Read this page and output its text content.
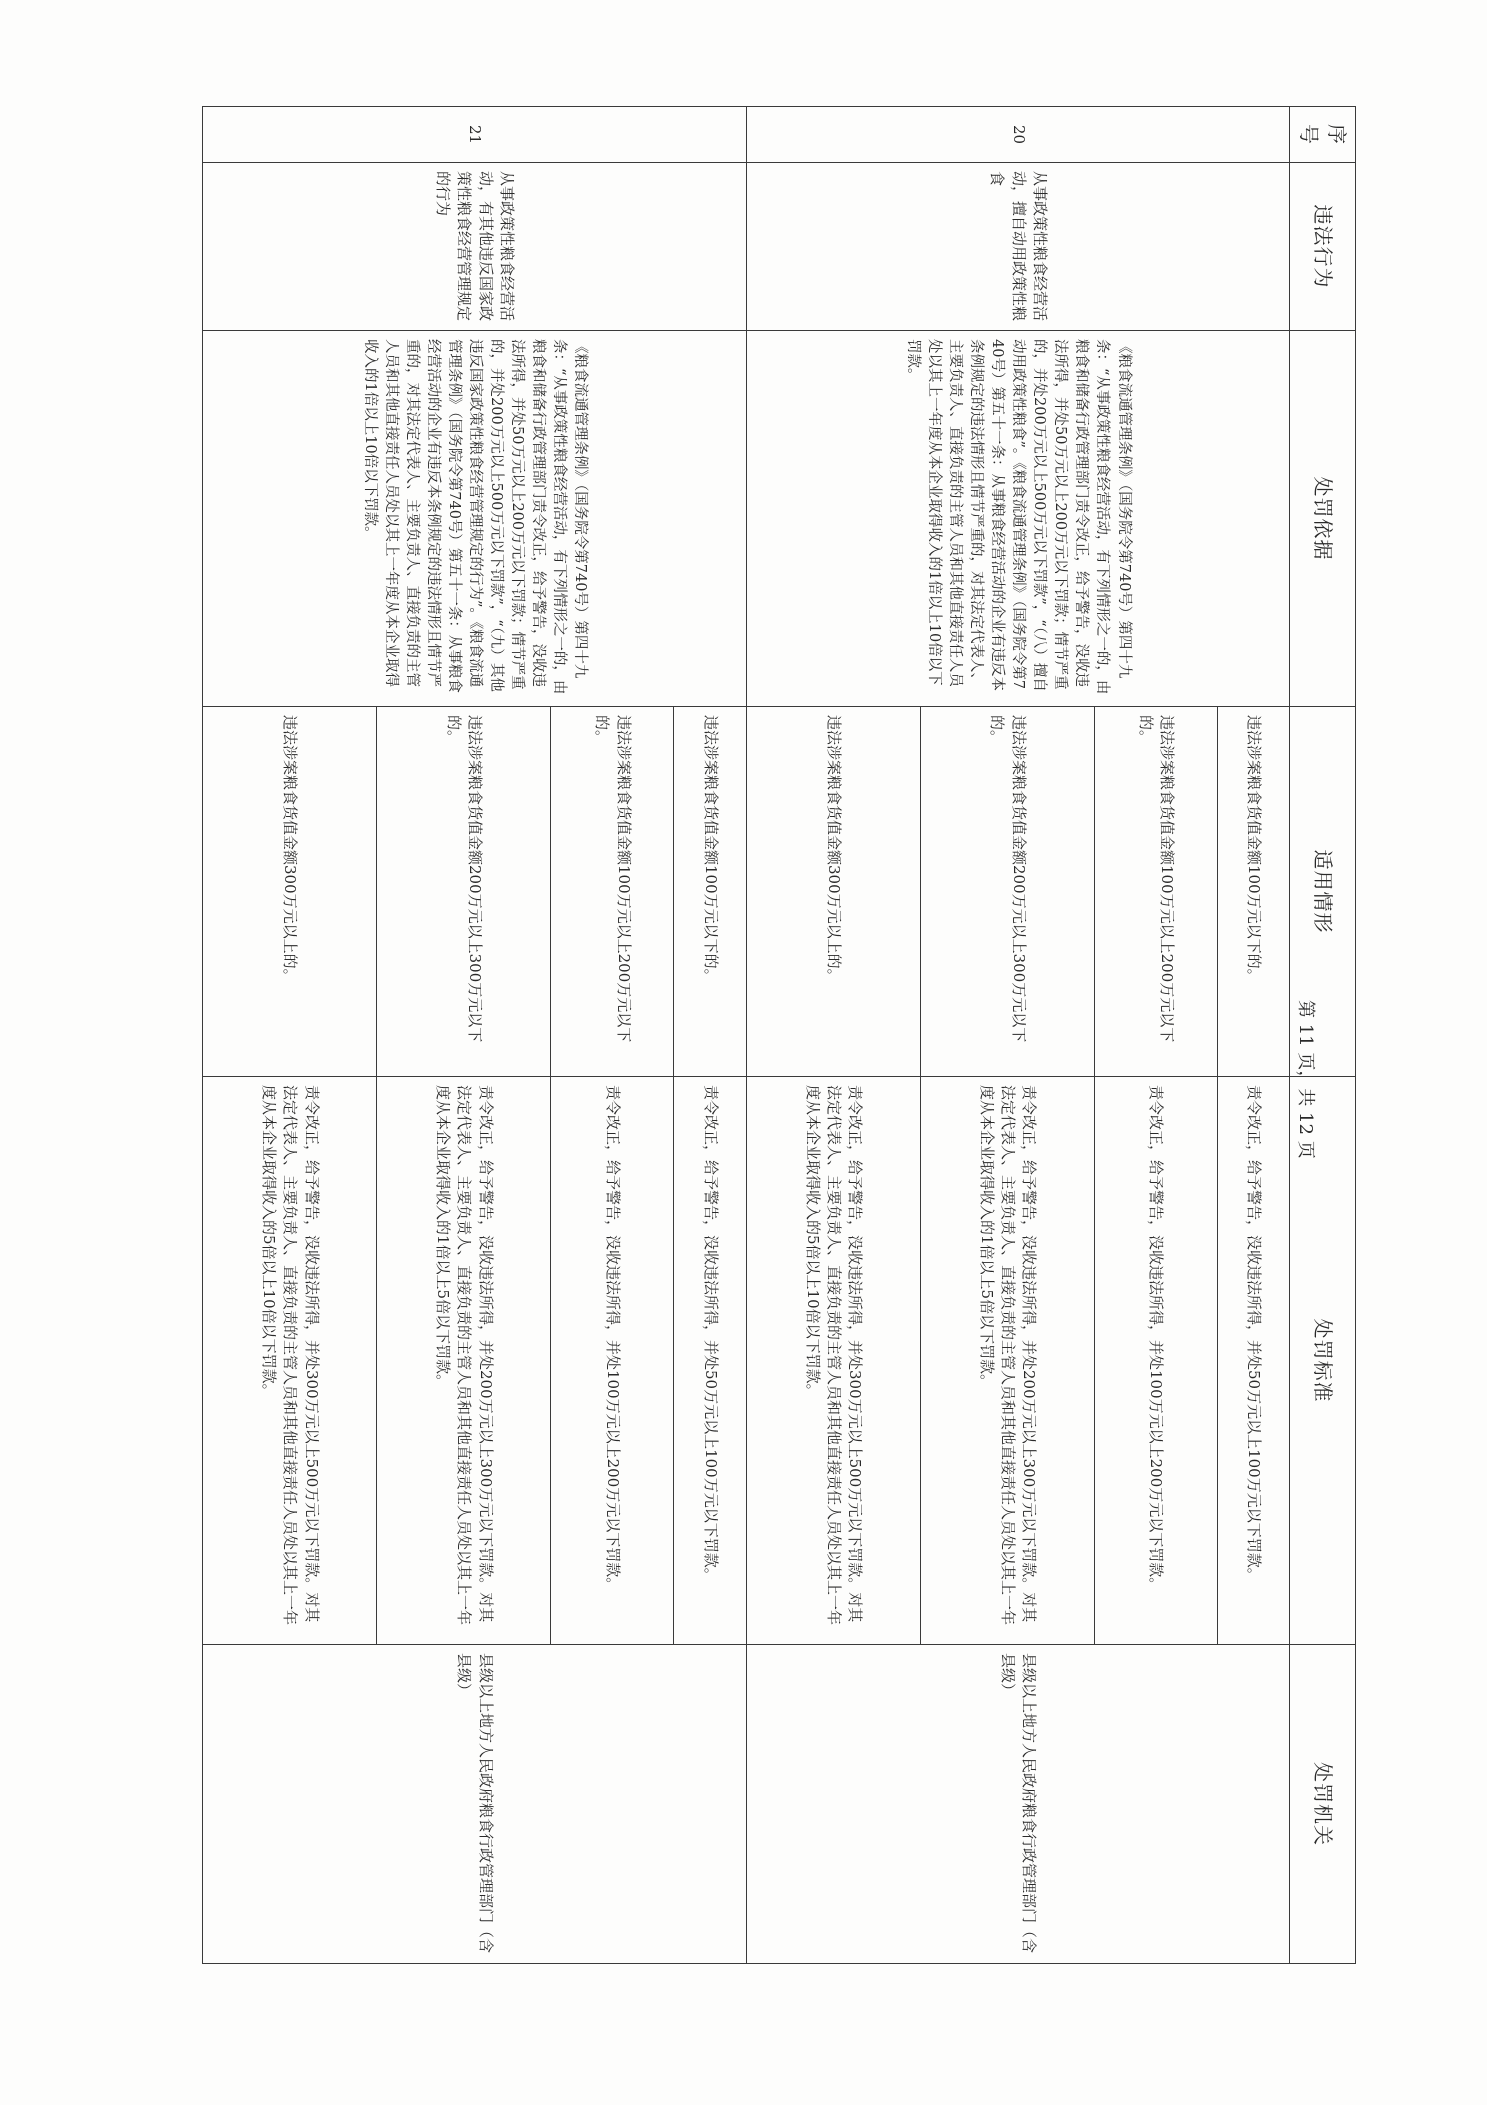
序号	违法行为	处罚依据	适用情形	处罚标准	处罚机关
20	从事政策性粮食经营活动，擅自动用政策性粮食	《粮食流通管理条例》（国务院令第740号）第四十九条：“从事政策性粮食经营活动，有下列情形之一的，由粮食和储备行政管理部门责令改正，给予警告，没收违法所得，并处50万元以上200万元以下罚款；情节严重的，并处200万元以上500万元以下罚款”，“（八）擅自动用政策性粮食”。《粮食流通管理条例》（国务院令第740号）第五十一条：从事粮食经营活动的企业有违反本条例规定的违法情形且情节严重的，对其法定代表人、主要负责人、直接负责的主管人员和其他直接责任人员处以其上一年度从本企业取得收入的1倍以上10倍以下罚款。	违法涉案粮食货值金额100万元以下的。	责令改正，给予警告，没收违法所得，并处50万元以上100万元以下罚款。	县级以上地方人民政府粮食行政管理部门（含县级）
			违法涉案粮食货值金额100万元以上200万元以下的。	责令改正，给予警告，没收违法所得，并处100万元以上200万元以下罚款。	
			违法涉案粮食货值金额200万元以上300万元以下的。	责令改正，给予警告，没收违法所得，并处200万元以上300万元以下罚款。对其法定代表人、主要负责人、直接负责的主管人员和其他直接责任人员处以其上一年度从本企业取得收入的1倍以上5倍以下罚款。	
			违法涉案粮食货值金额300万元以上的。	责令改正，给予警告，没收违法所得，并处300万元以上500万元以下罚款。对其法定代表人、主要负责人、直接负责的主管人员和其他直接责任人员处以其上一年度从本企业取得收入的5倍以上10倍以下罚款。	
21	从事政策性粮食经营活动，有其他违反国家政策性粮食经营管理规定的行为	《粮食流通管理条例》（国务院令第740号）第四十九条：“从事政策性粮食经营活动，有下列情形之一的，由粮食和储备行政管理部门责令改正，给予警告，没收违法所得，并处50万元以上200万元以下罚款；情节严重的，并处200万元以上500万元以下罚款”，“（九）其他违反国家政策性粮食经营管理规定的行为”。《粮食流通管理条例》（国务院令第740号）第五十一条：从事粮食经营活动的企业有违反本条例规定的违法情形且情节严重的，对其法定代表人、主要负责人、直接负责的主管人员和其他直接责任人员处以其上一年度从本企业取得收入的1倍以上10倍以下罚款。	违法涉案粮食货值金额100万元以下的。	责令改正，给予警告，没收违法所得，并处50万元以上100万元以下罚款。	县级以上地方人民政府粮食行政管理部门（含县级）
			违法涉案粮食货值金额100万元以上200万元以下的。	责令改正，给予警告，没收违法所得，并处100万元以上200万元以下罚款。	
			违法涉案粮食货值金额200万元以上300万元以下的。	责令改正，给予警告，没收违法所得，并处200万元以上300万元以下罚款。对其法定代表人、主要负责人、直接负责的主管人员和其他直接责任人员处以其上一年度从本企业取得收入的1倍以上5倍以下罚款。	
			违法涉案粮食货值金额300万元以上的。	责令改正，给予警告，没收违法所得，并处300万元以上500万元以下罚款。对其法定代表人、主要负责人、直接负责的主管人员和其他直接责任人员处以其上一年度从本企业取得收入的5倍以上10倍以下罚款。	
第 11 页，共 12 页
